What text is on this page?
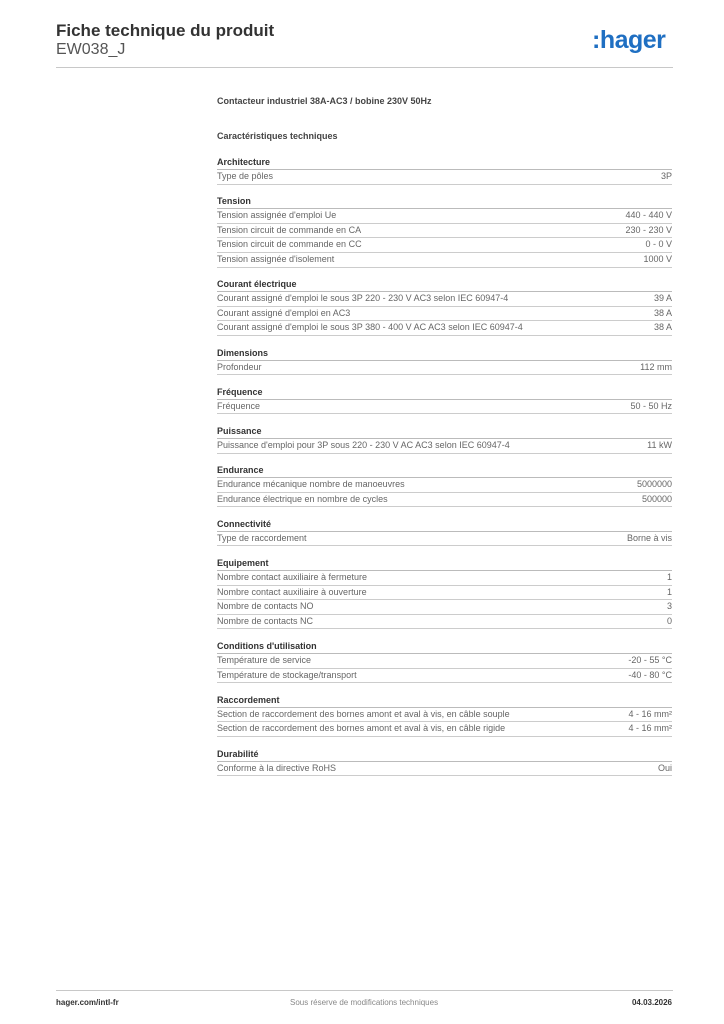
Fiche technique du produit
EW038_J	:hager
Contacteur industriel 38A-AC3 / bobine 230V 50Hz
Caractéristiques techniques
Architecture
Type de pôles	3P
Tension
Tension assignée d'emploi Ue	440 - 440 V
Tension circuit de commande en CA	230 - 230 V
Tension circuit de commande en CC	0 - 0 V
Tension assignée d'isolement	1000 V
Courant électrique
Courant assigné d'emploi le sous 3P 220 - 230 V AC3 selon IEC 60947-4	39 A
Courant assigné d'emploi en AC3	38 A
Courant assigné d'emploi le sous 3P 380 - 400 V AC AC3 selon IEC 60947-4	38 A
Dimensions
Profondeur	112 mm
Fréquence
Fréquence	50 - 50 Hz
Puissance
Puissance d'emploi pour 3P sous 220 - 230 V AC AC3 selon IEC 60947-4	11 kW
Endurance
Endurance mécanique nombre de manoeuvres	5000000
Endurance électrique en nombre de cycles	500000
Connectivité
Type de raccordement	Borne à vis
Equipement
Nombre contact auxiliaire à fermeture	1
Nombre contact auxiliaire à ouverture	1
Nombre de contacts NO	3
Nombre de contacts NC	0
Conditions d'utilisation
Température de service	-20 - 55 °C
Température de stockage/transport	-40 - 80 °C
Raccordement
Section de raccordement des bornes amont et aval à vis, en câble souple	4 - 16 mm²
Section de raccordement des bornes amont et aval à vis, en câble rigide	4 - 16 mm²
Durabilité
Conforme à la directive RoHS	Oui
hager.com/intl-fr	Sous réserve de modifications techniques	04.03.2026
